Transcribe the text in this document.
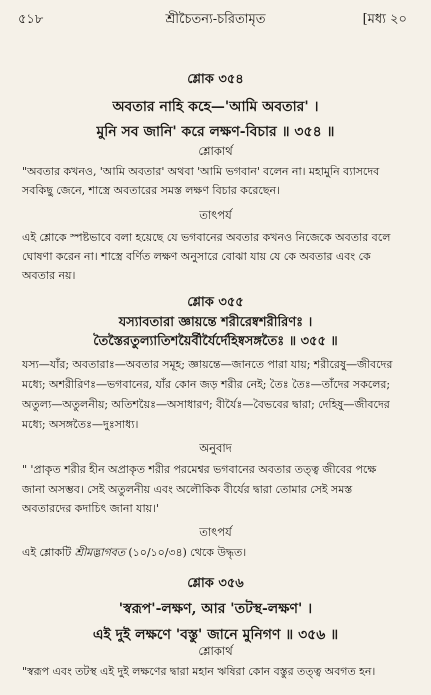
৫১৮	শ্রীচৈতন্য-চরিতামৃত	[মধ্য ২০
শ্লোক ৩৫৪
অবতার নাহি কহে—'আমি অবতার' ।
মুনি সব জানি' করে লক্ষণ-বিচার ॥ ৩৫৪ ॥
শ্লোকার্থ
"অবতার কখনও, 'আমি অবতার' অথবা 'আমি ভগবান' বলেন না। মহামুনি ব্যাসদেব
সবকিছু জেনে, শাস্ত্রে অবতারের সমস্ত লক্ষণ বিচার করেছেন।
তাৎপর্য
এই শ্লোকে স্পষ্টভাবে বলা হয়েছে যে ভগবানের অবতার কখনও নিজেকে অবতার বলে
ঘোষণা করেন না। শাস্ত্রে বর্ণিত লক্ষণ অনুসারে বোঝা যায় যে কে অবতার এবং কে
অবতার নয়।
শ্লোক ৩৫৫
যস্যাবতারা জ্ঞায়ন্তে শরীরেষ্বশরীরিণঃ ।
তৈস্তৈরতুল্যাতিশয়ৈর্বীর্যৈর্দেহিষ্বসঙ্গতৈঃ ॥ ৩৫৫ ॥
যস্য—যাঁর; অবতারাঃ—অবতার সমূহ; জ্ঞায়ন্তে—জানতে পারা যায়; শরীরেষু—জীবদের
মধ্যে; অশরীরিণঃ—ভগবানের, যাঁর কোন জড় শরীর নেই; তৈঃ তৈঃ—তাঁদের সকলের;
অতুল্য—অতুলনীয়; অতিশয়ৈঃ—অসাধারণ; বীর্যৈঃ—বৈভবের দ্বারা; দেহিষু—জীবদের
মধ্যে; অসঙ্গতৈঃ—দুঃসাধ্য।
অনুবাদ
" 'প্রাকৃত শরীর হীন অপ্রাকৃত শরীর পরমেশ্বর ভগবানের অবতার তত্ত্ব জীবের পক্ষে
জানা অসম্ভব। সেই অতুলনীয় এবং অলৌকিক বীর্যের দ্বারা তোমার সেই সমস্ত
অবতারদের কদাচিৎ জানা যায়।'
তাৎপর্য
এই শ্লোকটি শ্রীমদ্ভাগবত (১০/১০/৩৪) থেকে উদ্ধৃত।
শ্লোক ৩৫৬
'স্বরূপ'-লক্ষণ, আর 'তটস্থ-লক্ষণ' ।
এই দুই লক্ষণে 'বস্তু' জানে মুনিগণ ॥ ৩৫৬ ॥
শ্লোকার্থ
"স্বরূপ এবং তটস্থ এই দুই লক্ষণের দ্বারা মহান ঋষিরা কোন বস্তুর তত্ত্ব অবগত হন।
